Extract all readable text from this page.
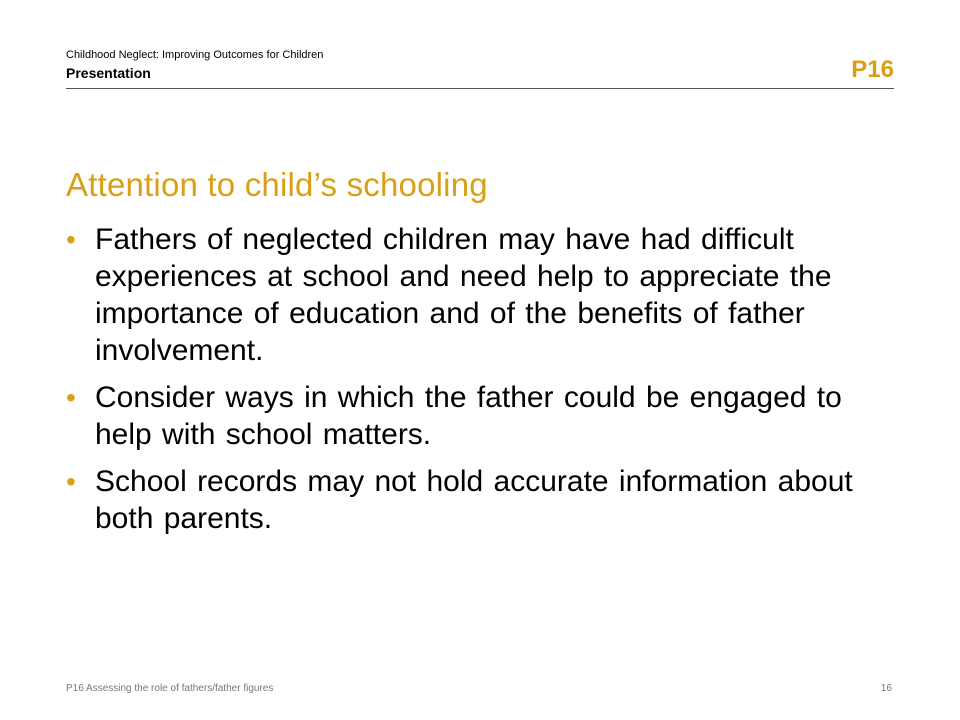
Childhood Neglect: Improving Outcomes for Children
Presentation	P16
Attention to child’s schooling
• Fathers of neglected children may have had difficult experiences at school and need help to appreciate the importance of education and of the benefits of father involvement.
• Consider ways in which the father could be engaged to help with school matters.
• School records may not hold accurate information about both parents.
P16 Assessing the role of fathers/father figures	16
